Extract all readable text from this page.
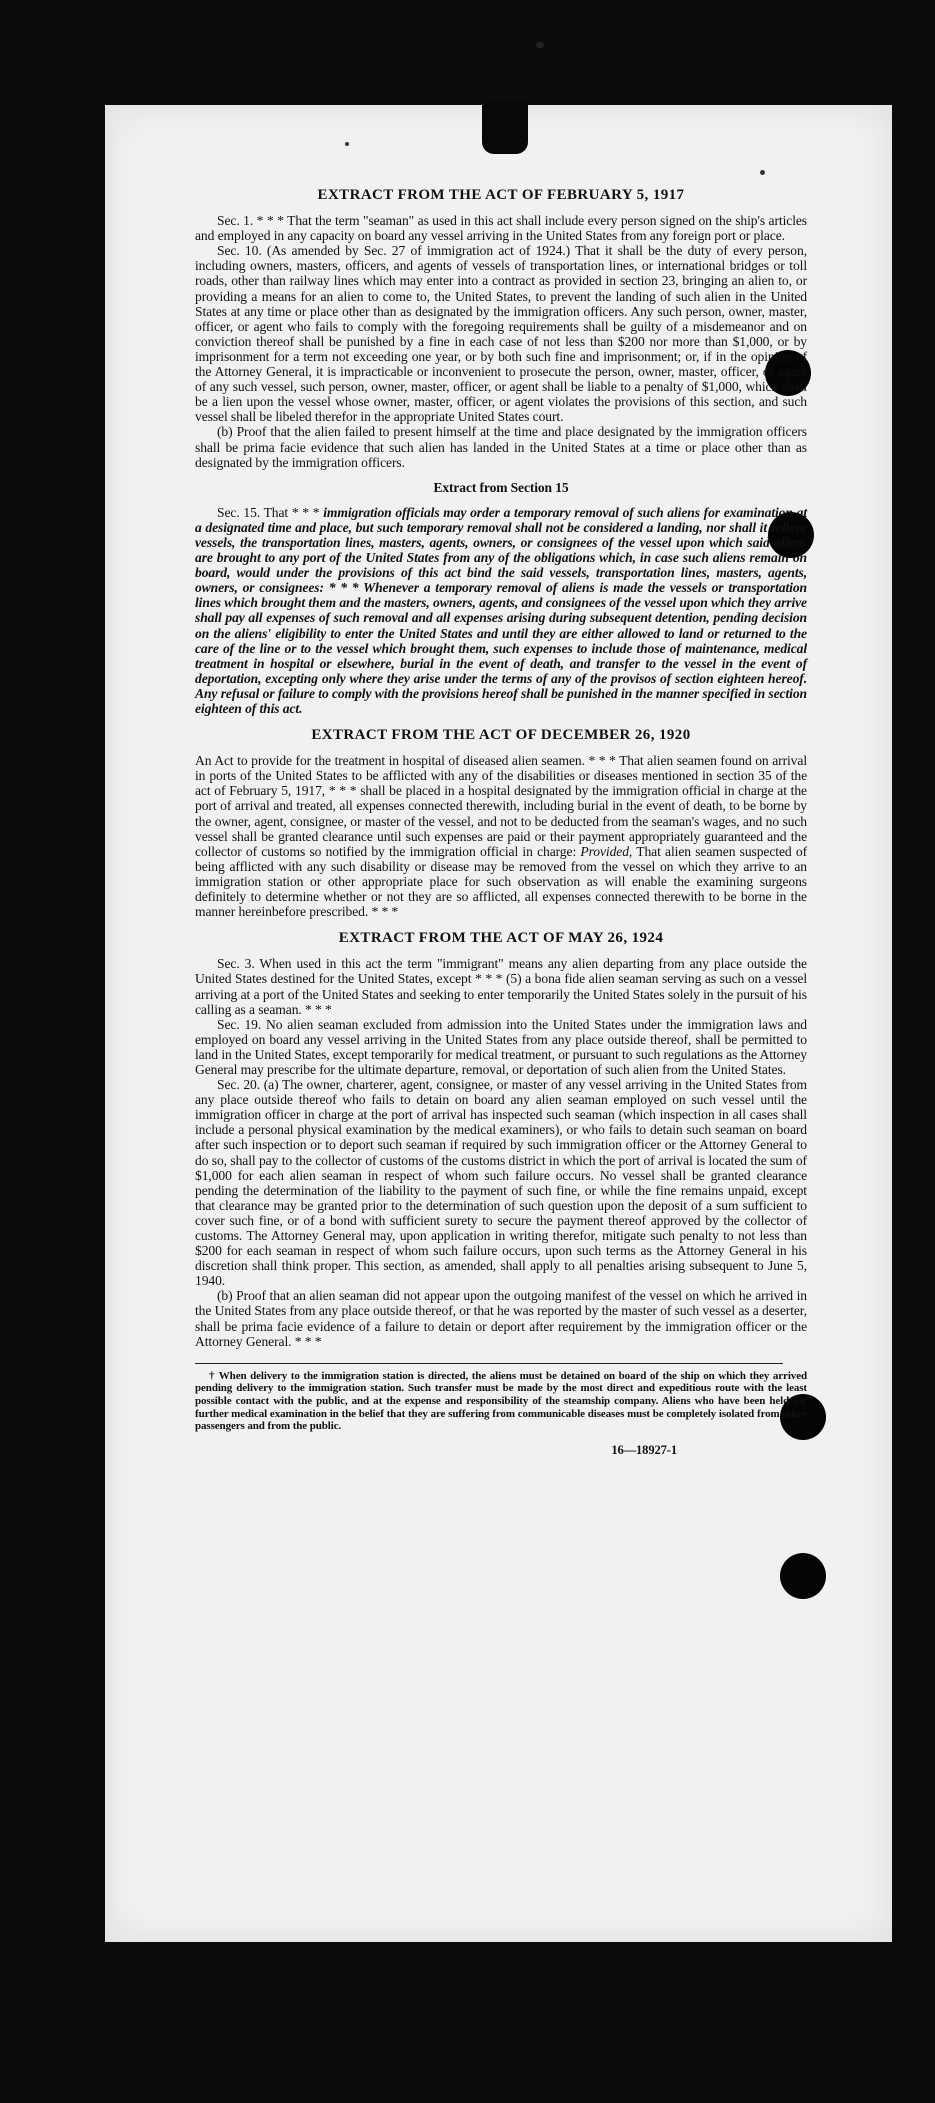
EXTRACT FROM THE ACT OF FEBRUARY 5, 1917

Sec. 1. * * * That the term "seaman" as used in this act shall include every person signed on the ship's articles and employed in any capacity on board any vessel arriving in the United States from any foreign port or place.

Sec. 10. (As amended by Sec. 27 of immigration act of 1924.) That it shall be the duty of every person, including owners, masters, officers, and agents of vessels of transportation lines, or international bridges or toll roads, other than railway lines which may enter into a contract as provided in section 23, bringing an alien to, or providing a means for an alien to come to, the United States, to prevent the landing of such alien in the United States at any time or place other than as designated by the immigration officers. Any such person, owner, master, officer, or agent who fails to comply with the foregoing requirements shall be guilty of a misdemeanor and on conviction thereof shall be punished by a fine in each case of not less than $200 nor more than $1,000, or by imprisonment for a term not exceeding one year, or by both such fine and imprisonment; or, if in the opinion of the Attorney General, it is impracticable or inconvenient to prosecute the person, owner, master, officer, or agent of any such vessel, such person, owner, master, officer, or agent shall be liable to a penalty of $1,000, which shall be a lien upon the vessel whose owner, master, officer, or agent violates the provisions of this section, and such vessel shall be libeled therefor in the appropriate United States court.

(b) Proof that the alien failed to present himself at the time and place designated by the immigration officers shall be prima facie evidence that such alien has landed in the United States at a time or place other than as designated by the immigration officers.

Extract from Section 15

Sec. 15. That * * * immigration officials may order a temporary removal of such aliens for examination at a designated time and place, but such temporary removal shall not be considered a landing, nor shall it relieve vessels, the transportation lines, masters, agents, owners, or consignees of the vessel upon which said aliens are brought to any port of the United States from any of the obligations which, in case such aliens remain on board, would under the provisions of this act bind the said vessels, transportation lines, masters, agents, owners, or consignees: * * * Whenever a temporary removal of aliens is made the vessels or transportation lines which brought them and the masters, owners, agents, and consignees of the vessel upon which they arrive shall pay all expenses of such removal and all expenses arising during subsequent detention, pending decision on the aliens' eligibility to enter the United States and until they are either allowed to land or returned to the care of the line or to the vessel which brought them, such expenses to include those of maintenance, medical treatment in hospital or elsewhere, burial in the event of death, and transfer to the vessel in the event of deportation, excepting only where they arise under the terms of any of the provisos of section eighteen hereof. Any refusal or failure to comply with the provisions hereof shall be punished in the manner specified in section eighteen of this act.

EXTRACT FROM THE ACT OF DECEMBER 26, 1920

An Act to provide for the treatment in hospital of diseased alien seamen. * * * That alien seamen found on arrival in ports of the United States to be afflicted with any of the disabilities or diseases mentioned in section 35 of the act of February 5, 1917, * * * shall be placed in a hospital designated by the immigration official in charge at the port of arrival and treated, all expenses connected therewith, including burial in the event of death, to be borne by the owner, agent, consignee, or master of the vessel, and not to be deducted from the seaman's wages, and no such vessel shall be granted clearance until such expenses are paid or their payment appropriately guaranteed and the collector of customs so notified by the immigration official in charge: Provided, That alien seamen suspected of being afflicted with any such disability or disease may be removed from the vessel on which they arrive to an immigration station or other appropriate place for such observation as will enable the examining surgeons definitely to determine whether or not they are so afflicted, all expenses connected therewith to be borne in the manner hereinbefore prescribed. * * *

EXTRACT FROM THE ACT OF MAY 26, 1924

Sec. 3. When used in this act the term "immigrant" means any alien departing from any place outside the United States destined for the United States, except * * * (5) a bona fide alien seaman serving as such on a vessel arriving at a port of the United States and seeking to enter temporarily the United States solely in the pursuit of his calling as a seaman. * * *

Sec. 19. No alien seaman excluded from admission into the United States under the immigration laws and employed on board any vessel arriving in the United States from any place outside thereof, shall be permitted to land in the United States, except temporarily for medical treatment, or pursuant to such regulations as the Attorney General may prescribe for the ultimate departure, removal, or deportation of such alien from the United States.

Sec. 20. (a) The owner, charterer, agent, consignee, or master of any vessel arriving in the United States from any place outside thereof who fails to detain on board any alien seaman employed on such vessel until the immigration officer in charge at the port of arrival has inspected such seaman (which inspection in all cases shall include a personal physical examination by the medical examiners), or who fails to detain such seaman on board after such inspection or to deport such seaman if required by such immigration officer or the Attorney General to do so, shall pay to the collector of customs of the customs district in which the port of arrival is located the sum of $1,000 for each alien seaman in respect of whom such failure occurs. No vessel shall be granted clearance pending the determination of the liability to the payment of such fine, or while the fine remains unpaid, except that clearance may be granted prior to the determination of such question upon the deposit of a sum sufficient to cover such fine, or of a bond with sufficient surety to secure the payment thereof approved by the collector of customs. The Attorney General may, upon application in writing therefor, mitigate such penalty to not less than $200 for each seaman in respect of whom such failure occurs, upon such terms as the Attorney General in his discretion shall think proper. This section, as amended, shall apply to all penalties arising subsequent to June 5, 1940.

(b) Proof that an alien seaman did not appear upon the outgoing manifest of the vessel on which he arrived in the United States from any place outside thereof, or that he was reported by the master of such vessel as a deserter, shall be prima facie evidence of a failure to detain or deport after requirement by the immigration officer or the Attorney General. * * *

† When delivery to the immigration station is directed, the aliens must be detained on board of the ship on which they arrived pending delivery to the immigration station. Such transfer must be made by the most direct and expeditious route with the least possible contact with the public, and at the expense and responsibility of the steamship company. Aliens who have been held for further medical examination in the belief that they are suffering from communicable diseases must be completely isolated from other passengers and from the public.
16—18927-1
